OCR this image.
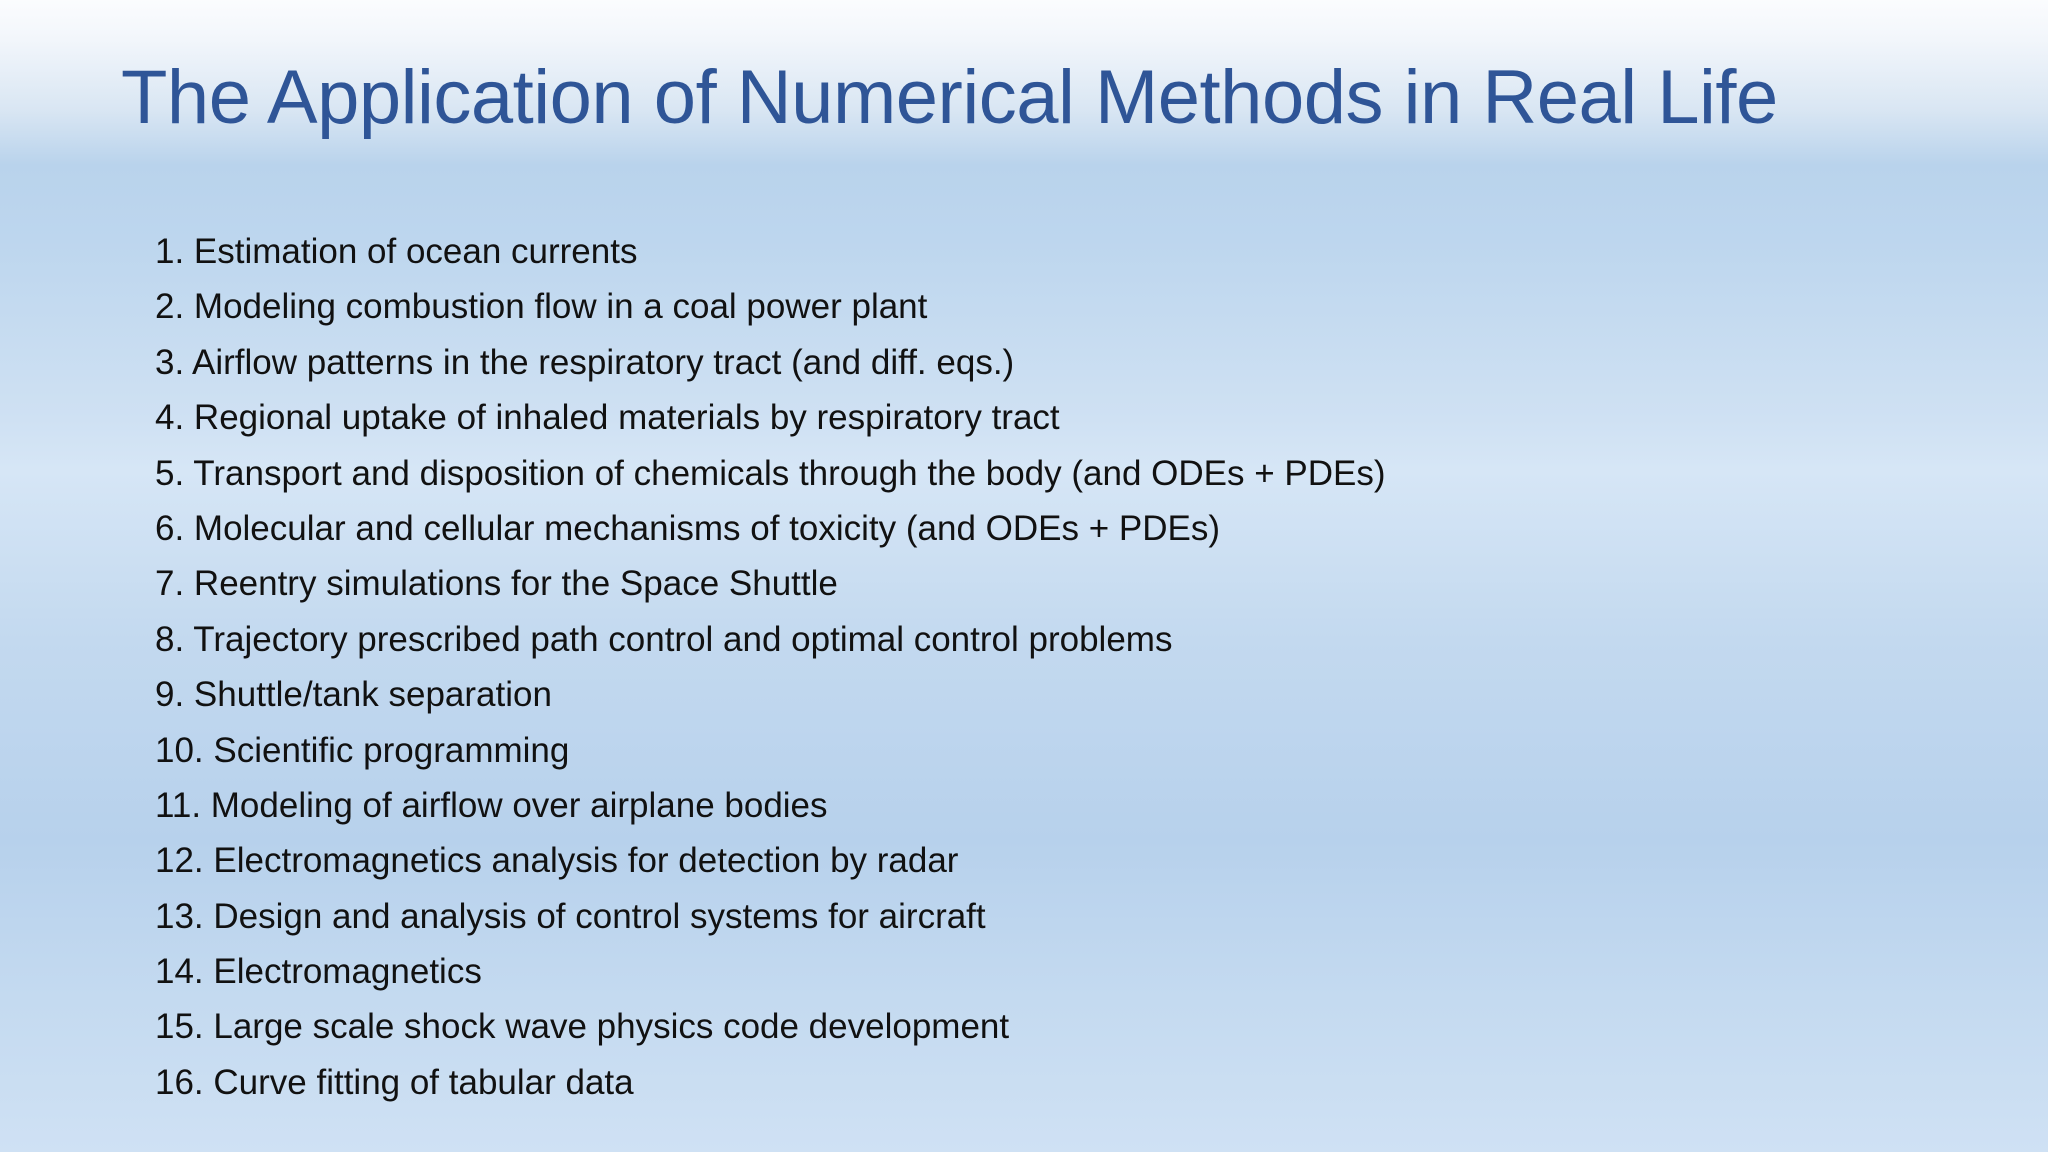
The Application of Numerical Methods in Real Life
1. Estimation of ocean currents
2. Modeling combustion flow in a coal power plant
3. Airflow patterns in the respiratory tract (and diff. eqs.)
4. Regional uptake of inhaled materials by respiratory tract
5. Transport and disposition of chemicals through the body (and ODEs + PDEs)
6. Molecular and cellular mechanisms of toxicity (and ODEs + PDEs)
7. Reentry simulations for the Space Shuttle
8. Trajectory prescribed path control and optimal control problems
9. Shuttle/tank separation
10. Scientific programming
11. Modeling of airflow over airplane bodies
12. Electromagnetics analysis for detection by radar
13. Design and analysis of control systems for aircraft
14. Electromagnetics
15. Large scale shock wave physics code development
16. Curve fitting of tabular data
